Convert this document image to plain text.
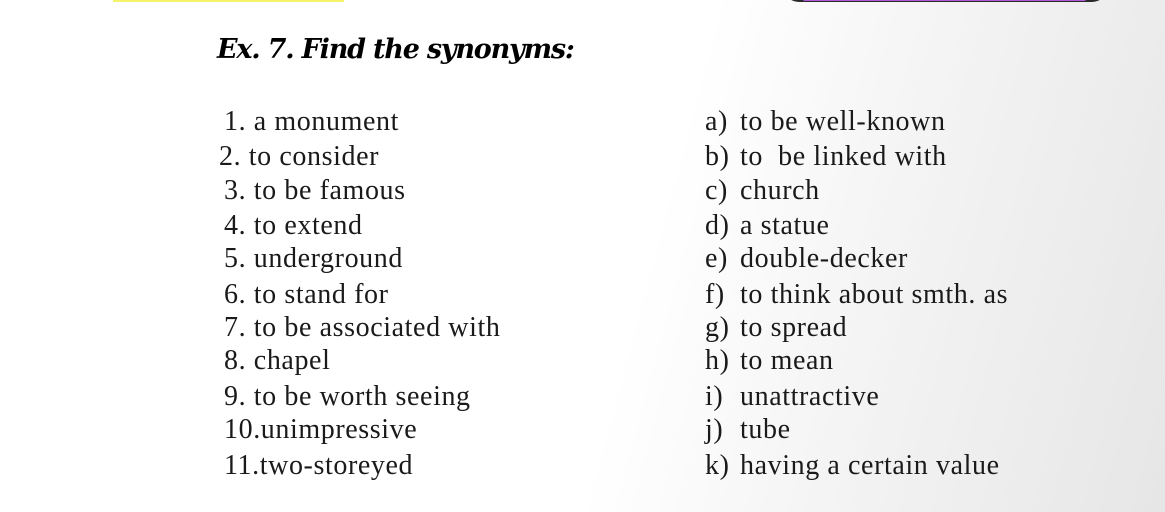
Ex. 7. Find the synonyms:
1. a monument
2. to consider
3. to be famous
4. to extend
5. underground
6. to stand for
7. to be associated with
8. chapel
9. to be worth seeing
10.unimpressive
11.two-storeyed
a) to be well-known
b) to  be linked with
c) church
d) a statue
e) double-decker
f) to think about smth. as
g) to spread
h) to mean
i) unattractive
j) tube
k) having a certain value
